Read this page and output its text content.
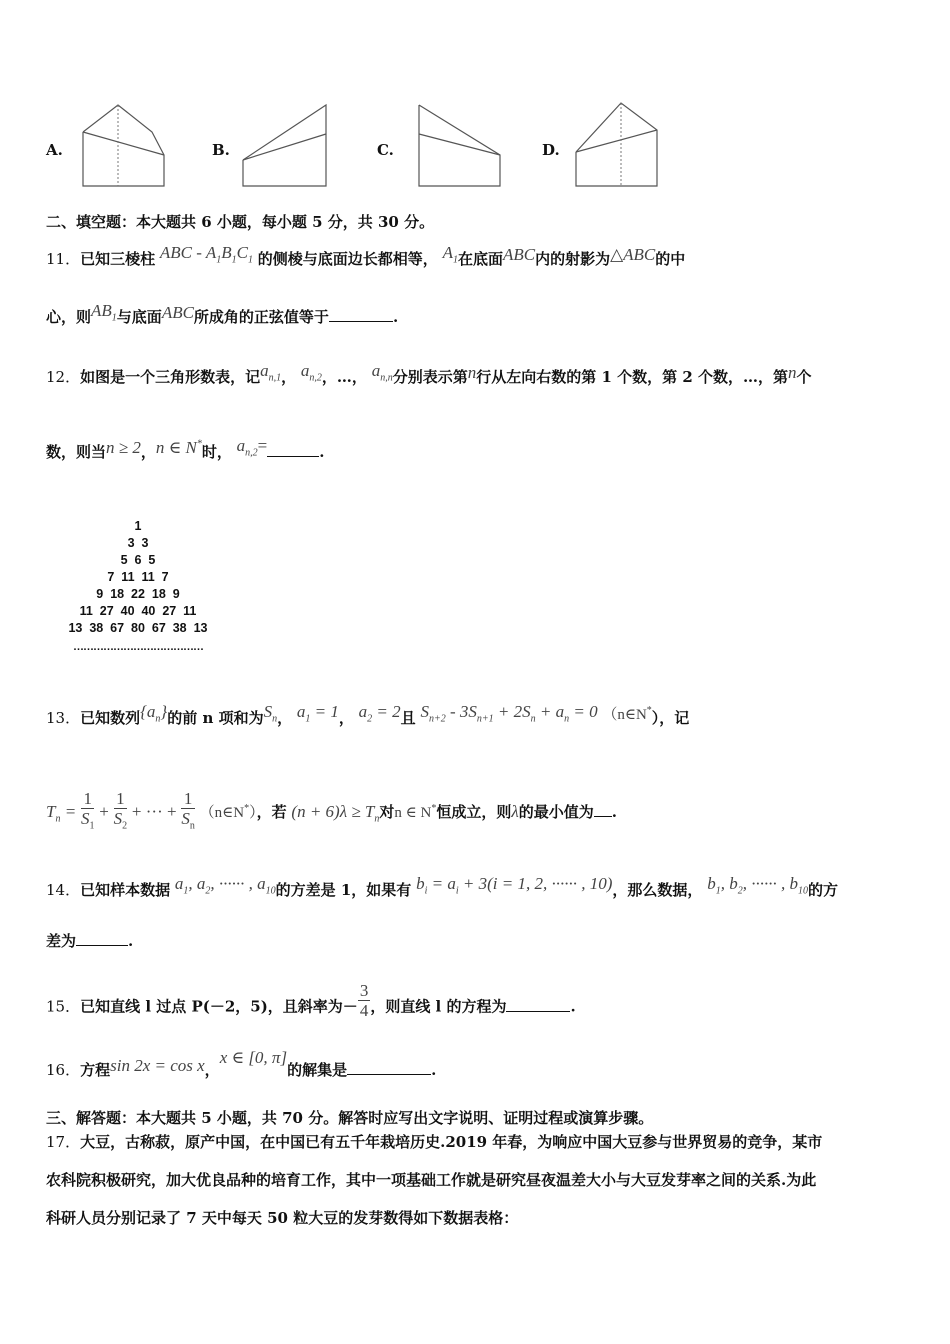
A.	B.	C.	D.
二、填空题：本大题共 6 小题，每小题 5 分，共 30 分。
11．已知三棱柱 ABC - $A_1B_1C_1$ 的侧棱与底面边长都相等， $A_1$在底面ABC内的射影为△ABC的中
心，则$AB_1$与底面ABC所成角的正弦值等于	.
12．如图是一个三角形数表，记$a_{n,1}$， $a_{n,2}$，…， $a_{n,n}$分别表示第n行从左向右数的第 1 个数，第 2 个数，…，第n个
数，则当n ≥ 2，n ∈ N*时， $a_{n,2}=$	.
1
3  3
5  6  5
7  11  11  7
9  18  22  18  9
11  27  40  40  27  11
13  38  67  80  67  38  13
…………………………………
13．已知数列$\{a_n\}$的前 n 项和为$S_n$， $a_1 = 1$， $a_2 = 2$且 $S_{n+2} - 3S_{n+1} + 2S_n + a_n = 0$ （n∈N*），记
$T_n = \frac{1}{S_1} + \frac{1}{S_2}$ + ··· + $\frac{1}{S_n}$ （n∈N*），若 $(n + 6)\lambda \ge T_n$对n ∈ N*恒成立，则λ的最小值为 .
14．已知样本数据 $a_1$, $a_2$, ······ , $a_{10}$的方差是 1，如果有 $b_i = a_i + 3(i = 1$, 2, ······ , 10)，那么数据， $b_1$, $b_2$, ······ , $b_{10}$的方
差为	.
15．已知直线 l 过点 P(－2，5)，且斜率为－ $\frac{3}{4}$ ，则直线 l 的方程为	.
16．方程sin 2x = cos x，x ∈ [0, π]的解集是	.
三、解答题：本大题共 5 小题，共 70 分。解答时应写出文字说明、证明过程或演算步骤。
17．大豆，古称菽，原产中国，在中国已有五千年栽培历史.2019 年春，为响应中国大豆参与世界贸易的竞争，某市
农科院积极研究，加大优良品种的培育工作，其中一项基础工作就是研究昼夜温差大小与大豆发芽率之间的关系.为此
科研人员分别记录了 7 天中每天 50 粒大豆的发芽数得如下数据表格：
